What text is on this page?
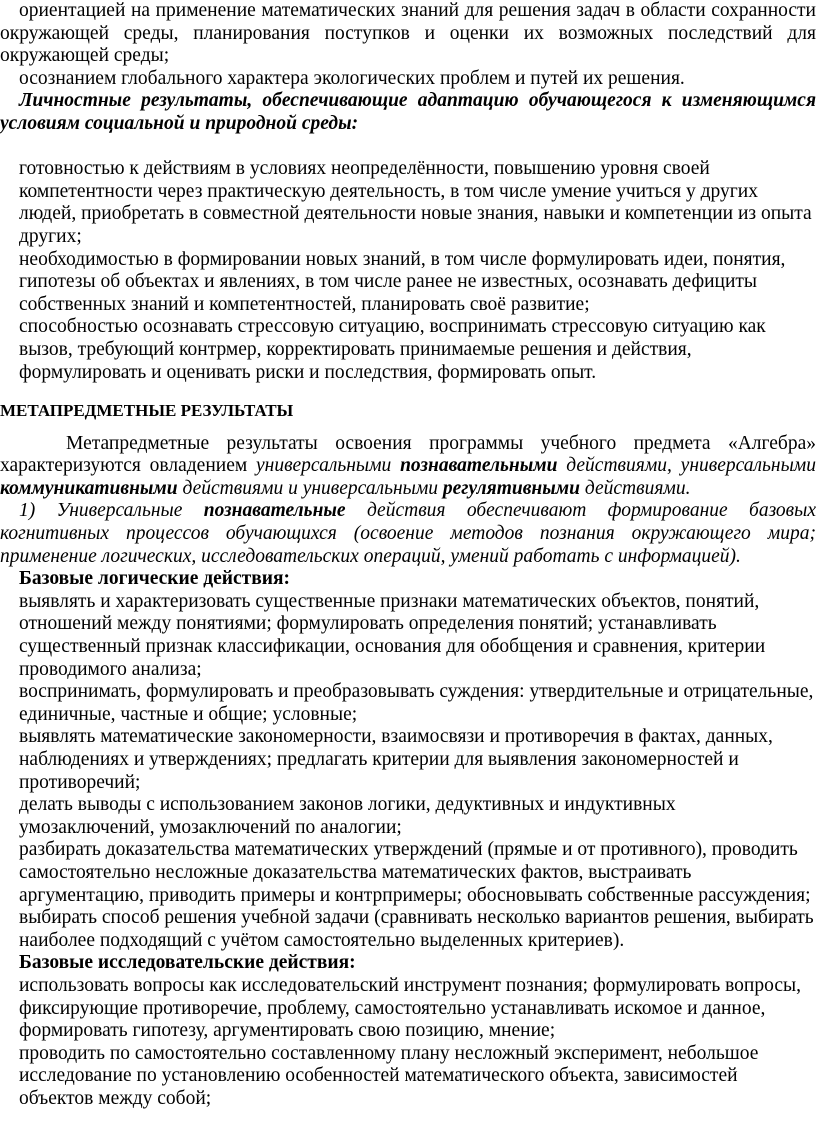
ориентацией на применение математических знаний для решения задач в области сохранности окружающей среды, планирования поступков и оценки их возможных последствий для окружающей среды;

осознанием глобального характера экологических проблем и путей их решения.

Личностные результаты, обеспечивающие адаптацию обучающегося к изменяющимся условиям социальной и природной среды:

готовностью к действиям в условиях неопределённости, повышению уровня своей компетентности через практическую деятельность, в том числе умение учиться у других людей, приобретать в совместной деятельности новые знания, навыки и компетенции из опыта других;

необходимостью в формировании новых знаний, в том числе формулировать идеи, понятия, гипотезы об объектах и явлениях, в том числе ранее не известных, осознавать дефициты собственных знаний и компетентностей, планировать своё развитие;

способностью осознавать стрессовую ситуацию, воспринимать стрессовую ситуацию как вызов, требующий контрмер, корректировать принимаемые решения и действия, формулировать и оценивать риски и последствия, формировать опыт.

МЕТАПРЕДМЕТНЫЕ РЕЗУЛЬТАТЫ

Метапредметные результаты освоения программы учебного предмета «Алгебра» характеризуются овладением универсальными познавательными действиями, универсальными коммуникативными действиями и универсальными регулятивными действиями.

1) Универсальные познавательные действия обеспечивают формирование базовых когнитивных процессов обучающихся (освоение методов познания окружающего мира; применение логических, исследовательских операций, умений работать с информацией).

Базовые логические действия:

выявлять и характеризовать существенные признаки математических объектов, понятий, отношений между понятиями; формулировать определения понятий; устанавливать существенный признак классификации, основания для обобщения и сравнения, критерии проводимого анализа;

воспринимать, формулировать и преобразовывать суждения: утвердительные и отрицательные, единичные, частные и общие; условные;

выявлять математические закономерности, взаимосвязи и противоречия в фактах, данных, наблюдениях и утверждениях; предлагать критерии для выявления закономерностей и противоречий;

делать выводы с использованием законов логики, дедуктивных и индуктивных умозаключений, умозаключений по аналогии;

разбирать доказательства математических утверждений (прямые и от противного), проводить самостоятельно несложные доказательства математических фактов, выстраивать аргументацию, приводить примеры и контрпримеры; обосновывать собственные рассуждения;

выбирать способ решения учебной задачи (сравнивать несколько вариантов решения, выбирать наиболее подходящий с учётом самостоятельно выделенных критериев).

Базовые исследовательские действия:

использовать вопросы как исследовательский инструмент познания; формулировать вопросы, фиксирующие противоречие, проблему, самостоятельно устанавливать искомое и данное, формировать гипотезу, аргументировать свою позицию, мнение;

проводить по самостоятельно составленному плану несложный эксперимент, небольшое исследование по установлению особенностей математического объекта, зависимостей объектов между собой;
